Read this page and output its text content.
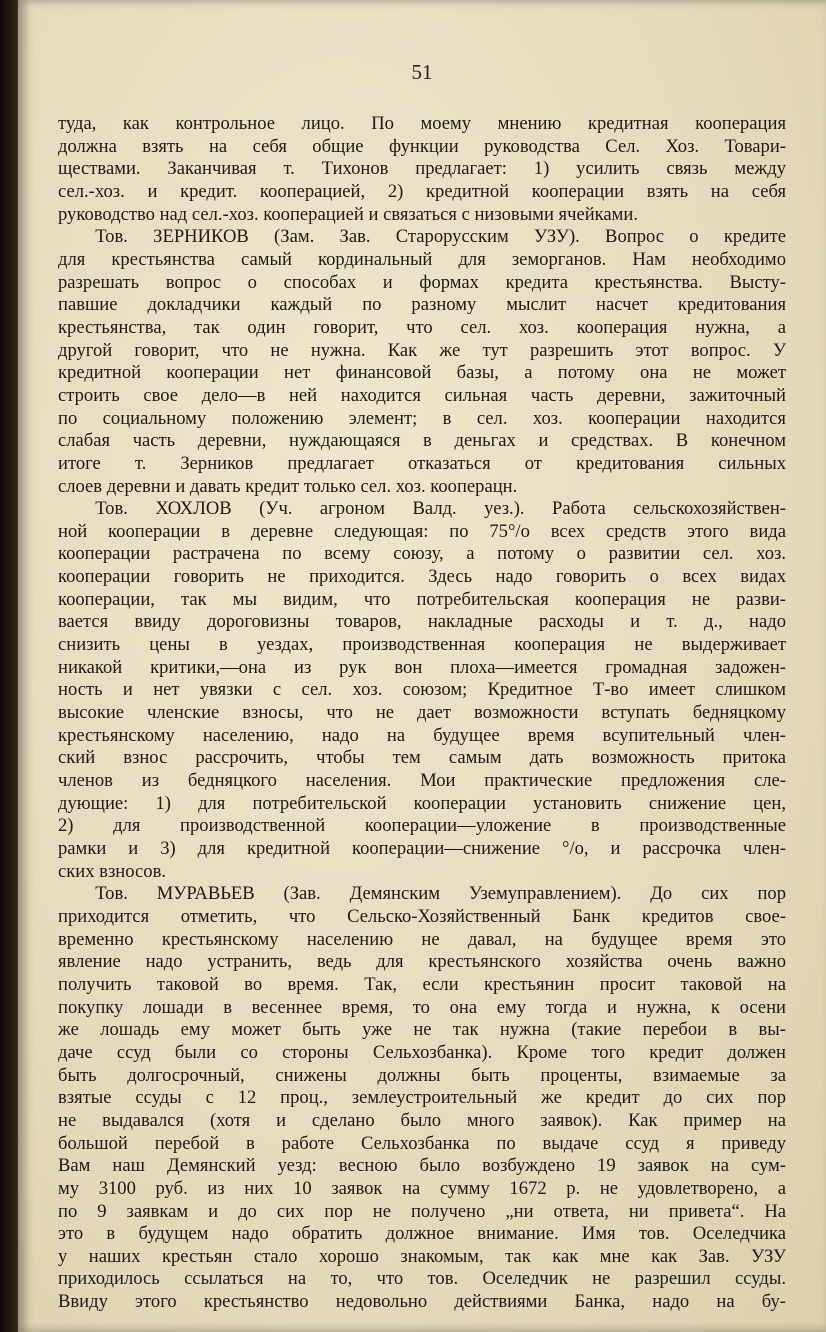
51
туда, как контрольное лицо. По моему мнению кредитная кооперация
должна взять на себя общие функции руководства Сел. Хоз. Товари-
ществами. Заканчивая т. Тихонов предлагает: 1) усилить связь между
сел.-хоз. и кредит. кооперацией, 2) кредитной кооперации взять на себя
руководство над сел.-хоз. кооперацией и связаться с низовыми ячейками.
  Тов. ЗЕРНИКОВ (Зам. Зав. Старорусским УЗУ). Вопрос о кредите
для крестьянства самый кординальный для земорганов. Нам необходимо
разрешать вопрос о способах и формах кредита крестьянства. Высту-
павшие докладчики каждый по разному мыслит насчет кредитования
крестьянства, так один говорит, что сел. хоз. кооперация нужна, а
другой говорит, что не нужна. Как же тут разрешить этот вопрос. У
кредитной кооперации нет финансовой базы, а потому она не может
строить свое дело—в ней находится сильная часть деревни, зажиточный
по социальному положению элемент; в сел. хоз. кооперации находится
слабая часть деревни, нуждающаяся в деньгах и средствах. В конечном
итоге т. Зерников предлагает отказаться от кредитования сильных
слоев деревни и давать кредит только сел. хоз. кооперацн.
  Тов. ХОХЛОВ (Уч. агроном Валд. уез.). Работа сельскохозяйствен-
ной кооперации в деревне следующая: по 75°/o всех средств этого вида
кооперации растрачена по всему союзу, а потому о развитии сел. хоз.
кооперации говорить не приходится. Здесь надо говорить о всех видах
кооперации, так мы видим, что потребительская кооперация не разви-
вается ввиду дороговизны товаров, накладные расходы и т. д., надо
снизить цены в уездах, производственная кооперация не выдерживает
никакой критики,—она из рук вон плоха—имеется громадная задожен-
ность и нет увязки с сел. хоз. союзом; Кредитное Т-во имеет слишком
высокие членские взносы, что не дает возможности вступать бедняцкому
крестьянскому населению, надо на будущее время всупительный член-
ский взнос рассрочить, чтобы тем самым дать возможность притока
членов из бедняцкого населения. Мои практические предложения сле-
дующие: 1) для потребительской кооперации установить снижение цен,
2) для производственной кооперации—уложение в производственные
рамки и 3) для кредитной кооперации—снижение °/o, и рассрочка член-
ских взносов.
  Тов. МУРАВЬЕВ (Зав. Демянским Уземуправлением). До сих пор
приходится отметить, что Сельско-Хозяйственный Банк кредитов свое-
временно крестьянскому населению не давал, на будущее время это
явление надо устранить, ведь для крестьянского хозяйства очень важно
получить таковой во время. Так, если крестьянин просит таковой на
покупку лошади в весеннее время, то она ему тогда и нужна, к осени
же лошадь ему может быть уже не так нужна (такие перебои в вы-
даче ссуд были со стороны Сельхозбанка). Кроме того кредит должен
быть долгосрочный, снижены должны быть проценты, взимаемые за
взятые ссуды с 12 проц., землеустроительный же кредит до сих пор
не выдавался (хотя и сделано было много заявок). Как пример на
большой перебой в работе Сельхозбанка по выдаче ссуд я приведу
Вам наш Демянский уезд: весною было возбуждено 19 заявок на сум-
му 3100 руб. из них 10 заявок на сумму 1672 р. не удовлетворено, а
по 9 заявкам и до сих пор не получено „ни ответа, ни привета“. На
это в будущем надо обратить должное внимание. Имя тов. Оселедчика
у наших крестьян стало хорошо знакомым, так как мне как Зав. УЗУ
приходилось ссылаться на то, что тов. Оселедчик не разрешил ссуды.
Ввиду этого крестьянство недовольно действиями Банка, надо на бу-
